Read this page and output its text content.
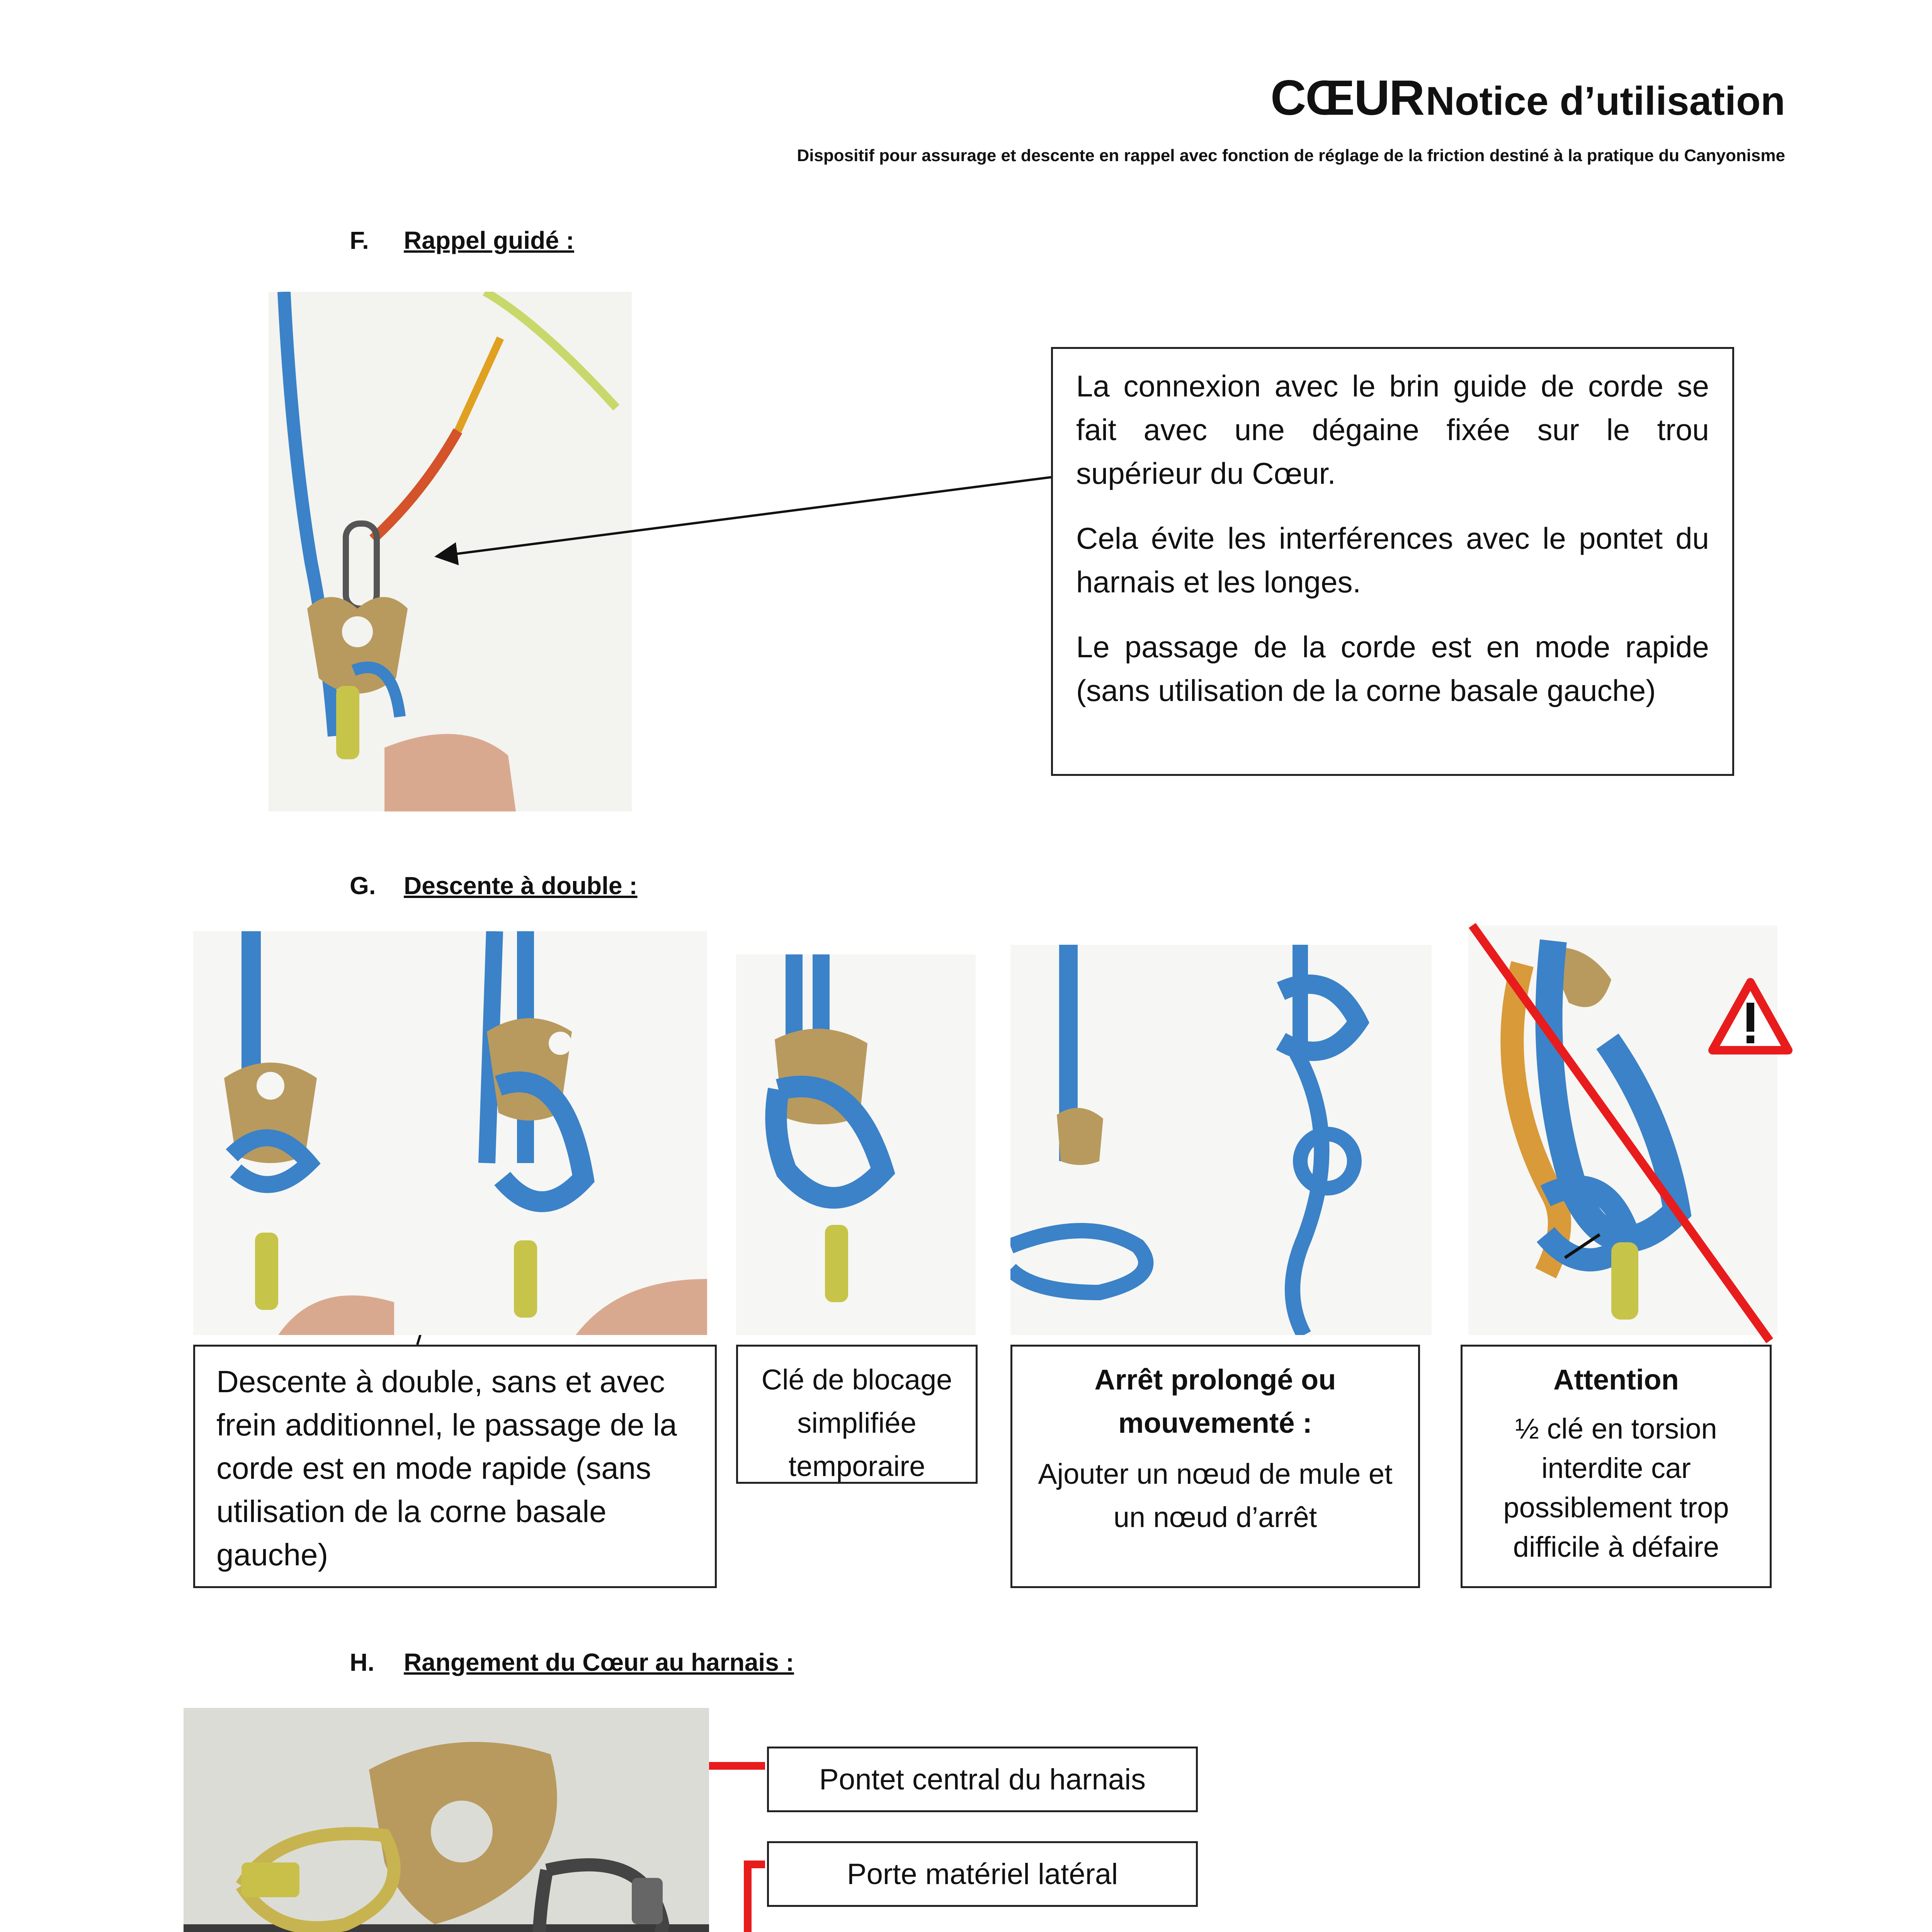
CŒUR Notice d’utilisation
Dispositif pour assurage et descente en rappel avec fonction de réglage de la friction destiné à la pratique du Canyonisme
F. Rappel guidé :

La connexion avec le brin guide de corde se fait avec une dégaine fixée sur le trou supérieur du Cœur.

Cela évite les interférences avec le pontet du harnais et les longes.

Le passage de la corde est en mode rapide (sans utilisation de la corne basale gauche)

G. Descente à double :

Descente à double, sans et avec frein additionnel, le passage de la corde est en mode rapide (sans utilisation de la corne basale gauche)

Clé de blocage simplifiée temporaire

Arrêt prolongé ou mouvementé :

Ajouter un nœud de mule et un nœud d’arrêt

Attention

½ clé en torsion interdite car possiblement trop difficile à défaire

H. Rangement du Cœur au harnais :
Pontet central du harnais
Porte matériel latéral
